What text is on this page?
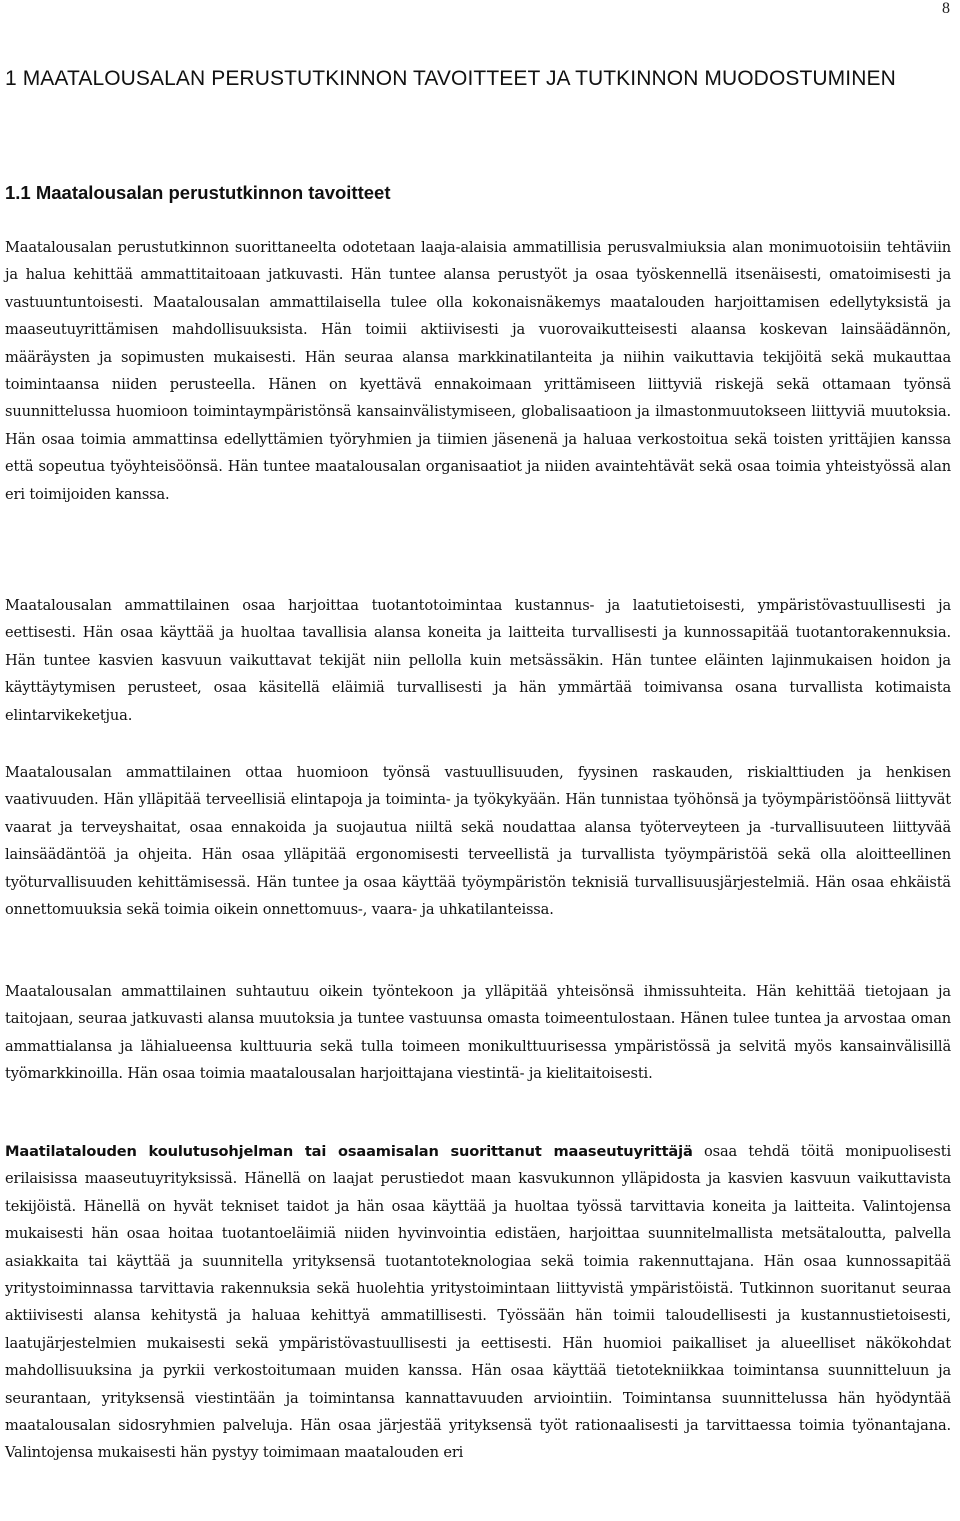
8
1 MAATALOUSALAN PERUSTUTKINNON TAVOITTEET JA TUTKINNON MUODOSTUMINEN
1.1 Maatalousalan perustutkinnon tavoitteet

Maatalousalan perustutkinnon suorittaneelta odotetaan laaja-alaisia ammatillisia perusvalmiuksia alan monimuotoisiin tehtäviin ja halua kehittää ammattitaitoaan jatkuvasti. Hän tuntee alansa perustyöt ja osaa työskennellä itsenäisesti, omatoimisesti ja vastuuntuntoisesti. Maatalousalan ammattilaisella tulee olla kokonaisnäkemys maatalouden harjoittamisen edellytyksistä ja maaseutuyrittämisen mahdollisuuksista. Hän toimii aktiivisesti ja vuorovaikutteisesti alaansa koskevan lainsäädännön, määräysten ja sopimusten mukaisesti. Hän seuraa alansa markkinatilanteita ja niihin vaikuttavia tekijöitä sekä mukauttaa toimintaansa niiden perusteella. Hänen on kyettävä ennakoimaan yrittämiseen liittyviä riskejä sekä ottamaan työnsä suunnittelussa huomioon toimintaympäristönsä kansainvälistymiseen, globalisaatioon ja ilmastonmuutokseen liittyviä muutoksia. Hän osaa toimia ammattinsa edellyttämien työryhmien ja tiimien jäsenenä ja haluaa verkostoitua sekä toisten yrittäjien kanssa että sopeutua työyhteisöönsä. Hän tuntee maatalousalan organisaatiot ja niiden avaintehtävät sekä osaa toimia yhteistyössä alan eri toimijoiden kanssa.

Maatalousalan ammattilainen osaa harjoittaa tuotantotoimintaa kustannus- ja laatutietoisesti, ympäristövastuullisesti ja eettisesti. Hän osaa käyttää ja huoltaa tavallisia alansa koneita ja laitteita turvallisesti ja kunnossapitää tuotantorakennuksia. Hän tuntee kasvien kasvuun vaikuttavat tekijät niin pellolla kuin metsässäkin. Hän tuntee eläinten lajinmukaisen hoidon ja käyttäytymisen perusteet, osaa käsitellä eläimiä turvallisesti ja hän ymmärtää toimivansa osana turvallista kotimaista elintarvikeketjua.

Maatalousalan ammattilainen ottaa huomioon työnsä vastuullisuuden, fyysinen raskauden, riskialttiuden ja henkisen vaativuuden. Hän ylläpitää terveellisiä elintapoja ja toiminta- ja työkykyään. Hän tunnistaa työhönsä ja työympäristöönsä liittyvät vaarat ja terveyshaitat, osaa ennakoida ja suojautua niiltä sekä noudattaa alansa työterveyteen ja -turvallisuuteen liittyvää lainsäädäntöä ja ohjeita. Hän osaa ylläpitää ergonomisesti terveellistä ja turvallista työympäristöä sekä olla aloitteellinen työturvallisuuden kehittämisessä. Hän tuntee ja osaa käyttää työympäristön teknisiä turvallisuusjärjestelmiä. Hän osaa ehkäistä onnettomuuksia sekä toimia oikein onnettomuus-, vaara- ja uhkatilanteissa.

Maatalousalan ammattilainen suhtautuu oikein työntekoon ja ylläpitää yhteisönsä ihmissuhteita. Hän kehittää tietojaan ja taitojaan, seuraa jatkuvasti alansa muutoksia ja tuntee vastuunsa omasta toimeentulostaan. Hänen tulee tuntea ja arvostaa oman ammattialansa ja lähialueensa kulttuuria sekä tulla toimeen monikulttuurisessa ympäristössä ja selvitä myös kansainvälisillä työmarkkinoilla. Hän osaa toimia maatalousalan harjoittajana viestintä- ja kielitaitoisesti.

Maatilatalouden koulutusohjelman tai osaamisalan suorittanut maaseutuyrittäjä osaa tehdä töitä monipuolisesti erilaisissa maaseutuyrityksissä. Hänellä on laajat perustiedot maan kasvukunnon ylläpidosta ja kasvien kasvuun vaikuttavista tekijöistä. Hänellä on hyvät tekniset taidot ja hän osaa käyttää ja huoltaa työssä tarvittavia koneita ja laitteita. Valintojensa mukaisesti hän osaa hoitaa tuotantoeläimiä niiden hyvinvointia edistäen, harjoittaa suunnitelmallista metsätaloutta, palvella asiakkaita tai käyttää ja suunnitella yrityksensä tuotantoteknologiaa sekä toimia rakennuttajana. Hän osaa kunnossapitää yritystoiminnassa tarvittavia rakennuksia sekä huolehtia yritystoimintaan liittyvistä ympäristöistä. Tutkinnon suoritanut seuraa aktiivisesti alansa kehitystä ja haluaa kehittyä ammatillisesti. Työssään hän toimii taloudellisesti ja kustannustietoisesti, laatujärjestelmien mukaisesti sekä ympäristövastuullisesti ja eettisesti. Hän huomioi paikalliset ja alueelliset näkökohdat mahdollisuuksina ja pyrkii verkostoitumaan muiden kanssa. Hän osaa käyttää tietotekniikkaa toimintansa suunnitteluun ja seurantaan, yrityksensä viestintään ja toimintansa kannattavuuden arviointiin. Toimintansa suunnittelussa hän hyödyntää maatalousalan sidosryhmien palveluja. Hän osaa järjestää yrityksensä työt rationaalisesti ja tarvittaessa toimia työnantajana. Valintojensa mukaisesti hän pystyy toimimaan maatalouden eri
